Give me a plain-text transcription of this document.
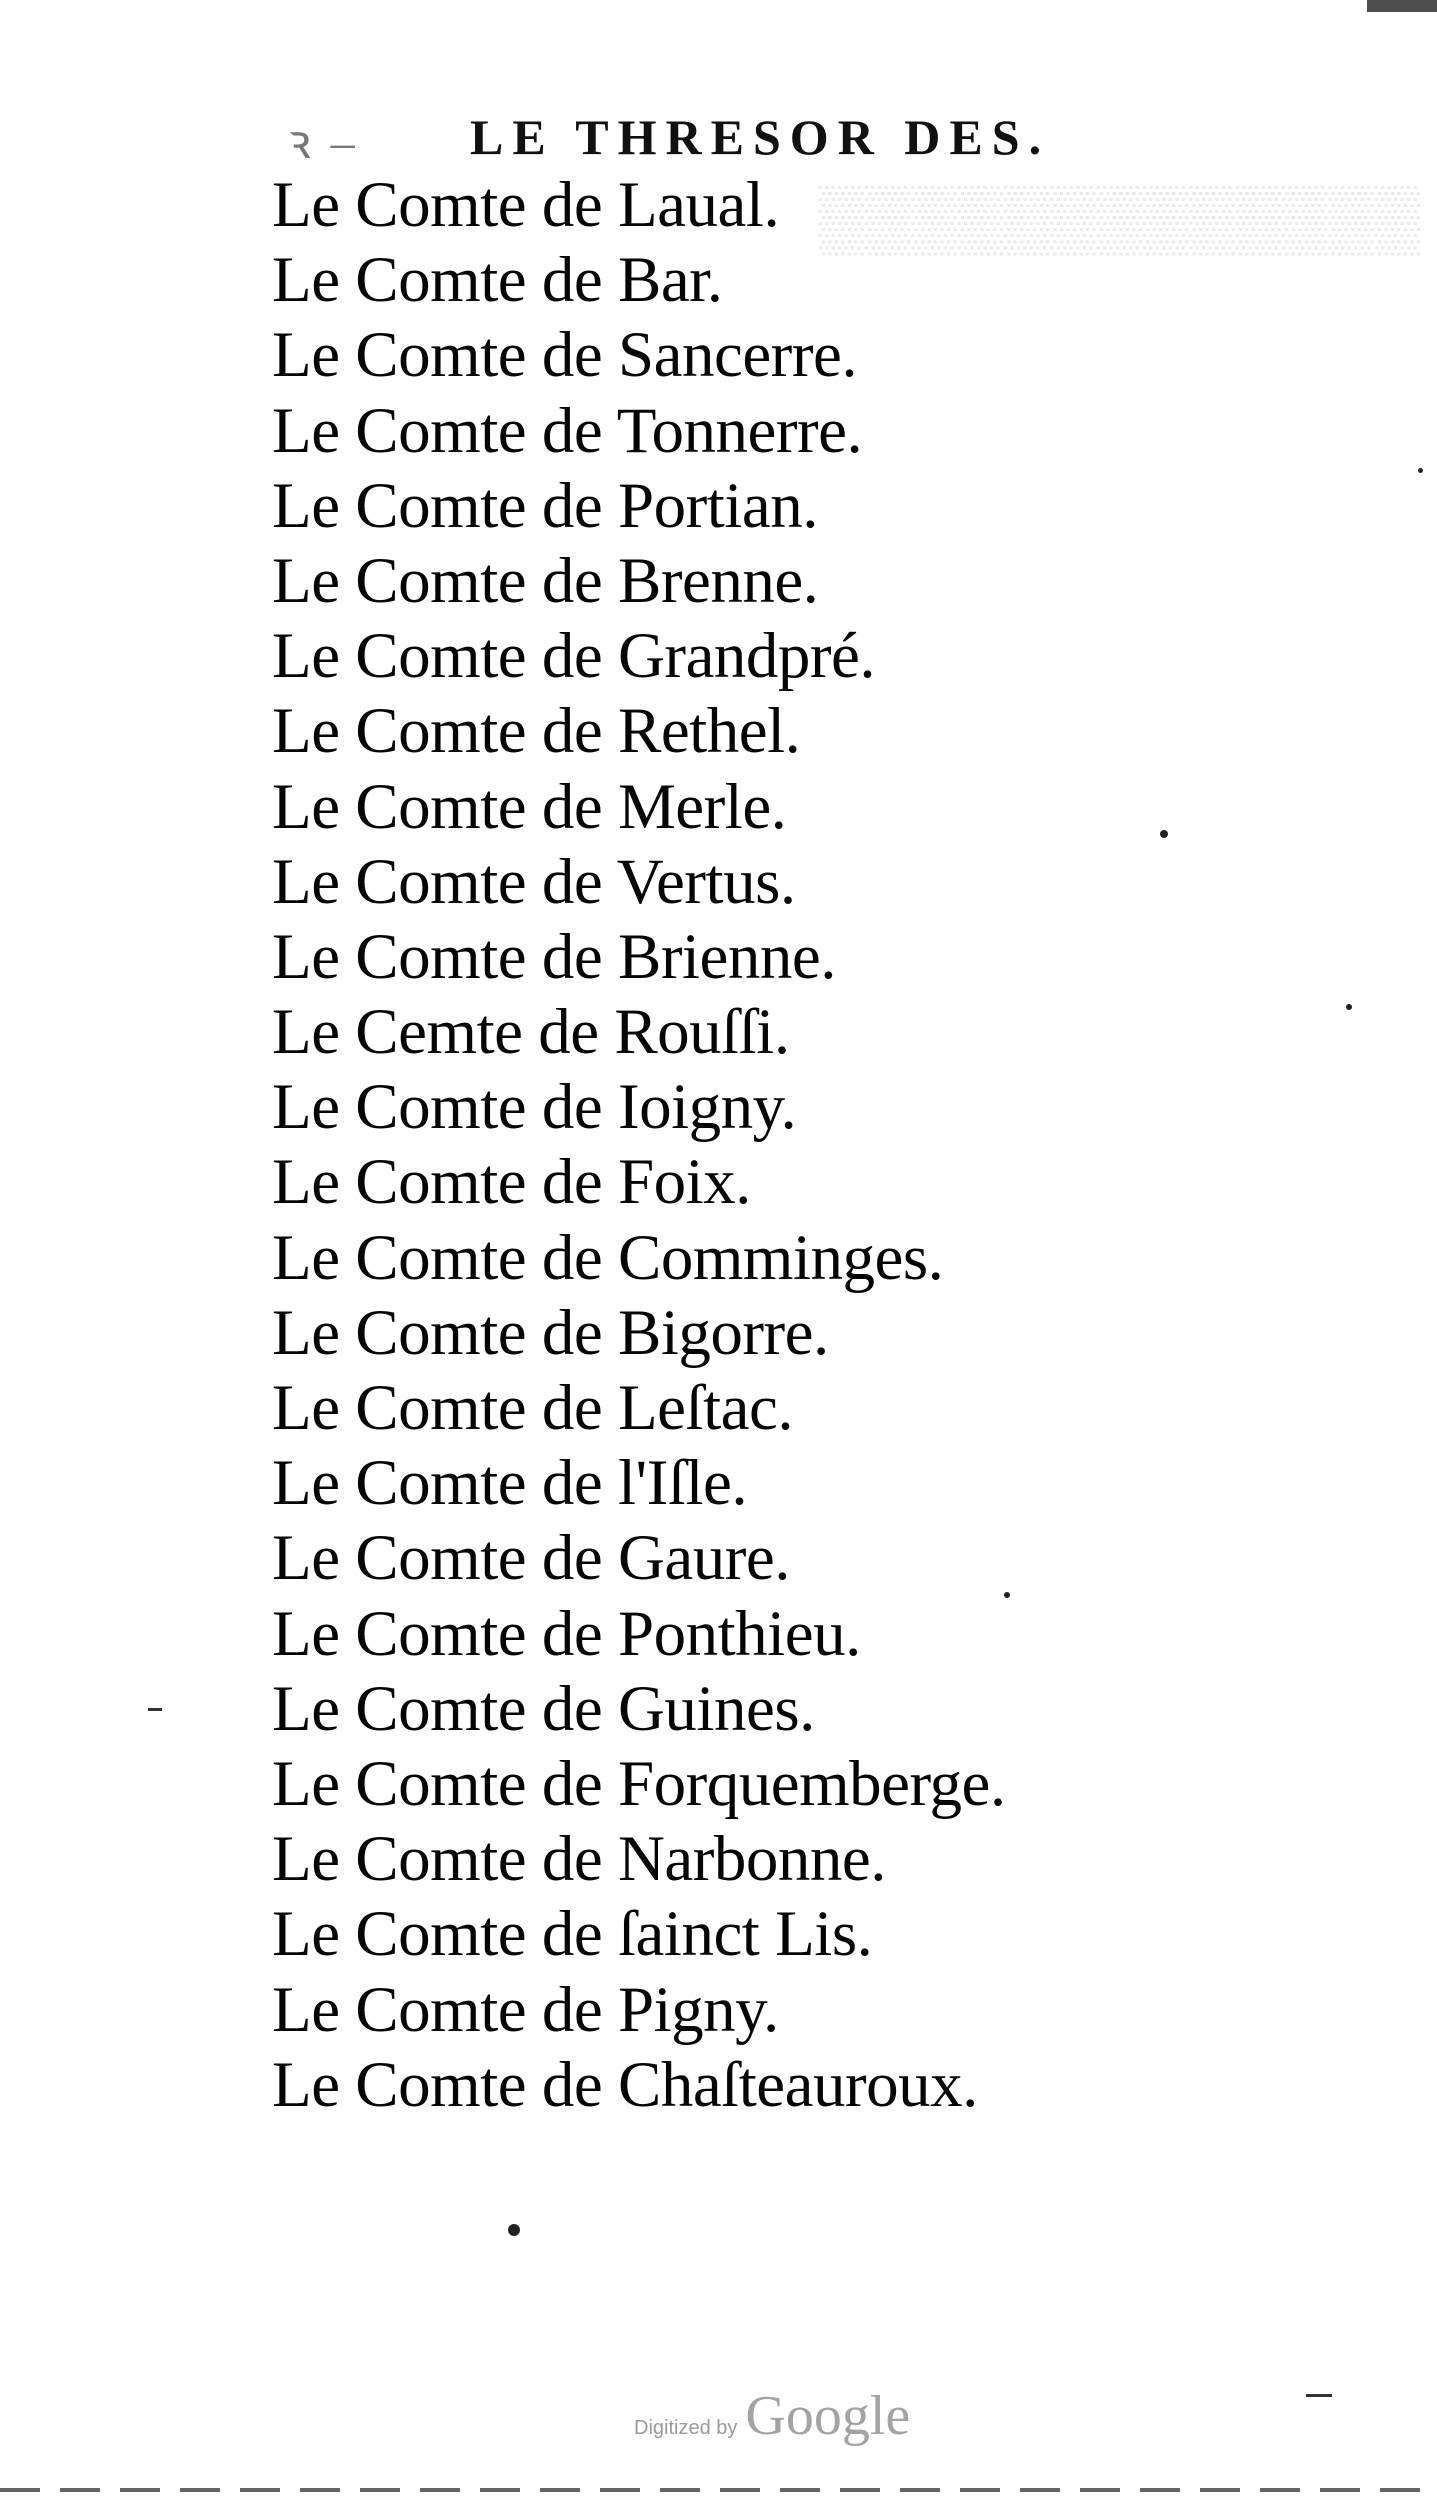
▒▒▒▒▒▒▒▒▒▒▒▒▒
ꝛ – LE THRESOR DES.
Le Comte de Laual.
Le Comte de Bar.
Le Comte de Sancerre.
Le Comte de Tonnerre.
Le Comte de Portian.
Le Comte de Brenne.
Le Comte de Grandpré.
Le Comte de Rethel.
Le Comte de Merle.
Le Comte de Vertus.
Le Comte de Brienne.
Le Cemte de Rouſſi.
Le Comte de Ioigny.
Le Comte de Foix.
Le Comte de Comminges.
Le Comte de Bigorre.
Le Comte de Leſtac.
Le Comte de l'Iſle.
Le Comte de Gaure.
Le Comte de Ponthieu.
Le Comte de Guines.
Le Comte de Forquemberge.
Le Comte de Narbonne.
Le Comte de ſainct Lis.
Le Comte de Pigny.
Le Comte de Chaſteauroux.
Digitized by Google
